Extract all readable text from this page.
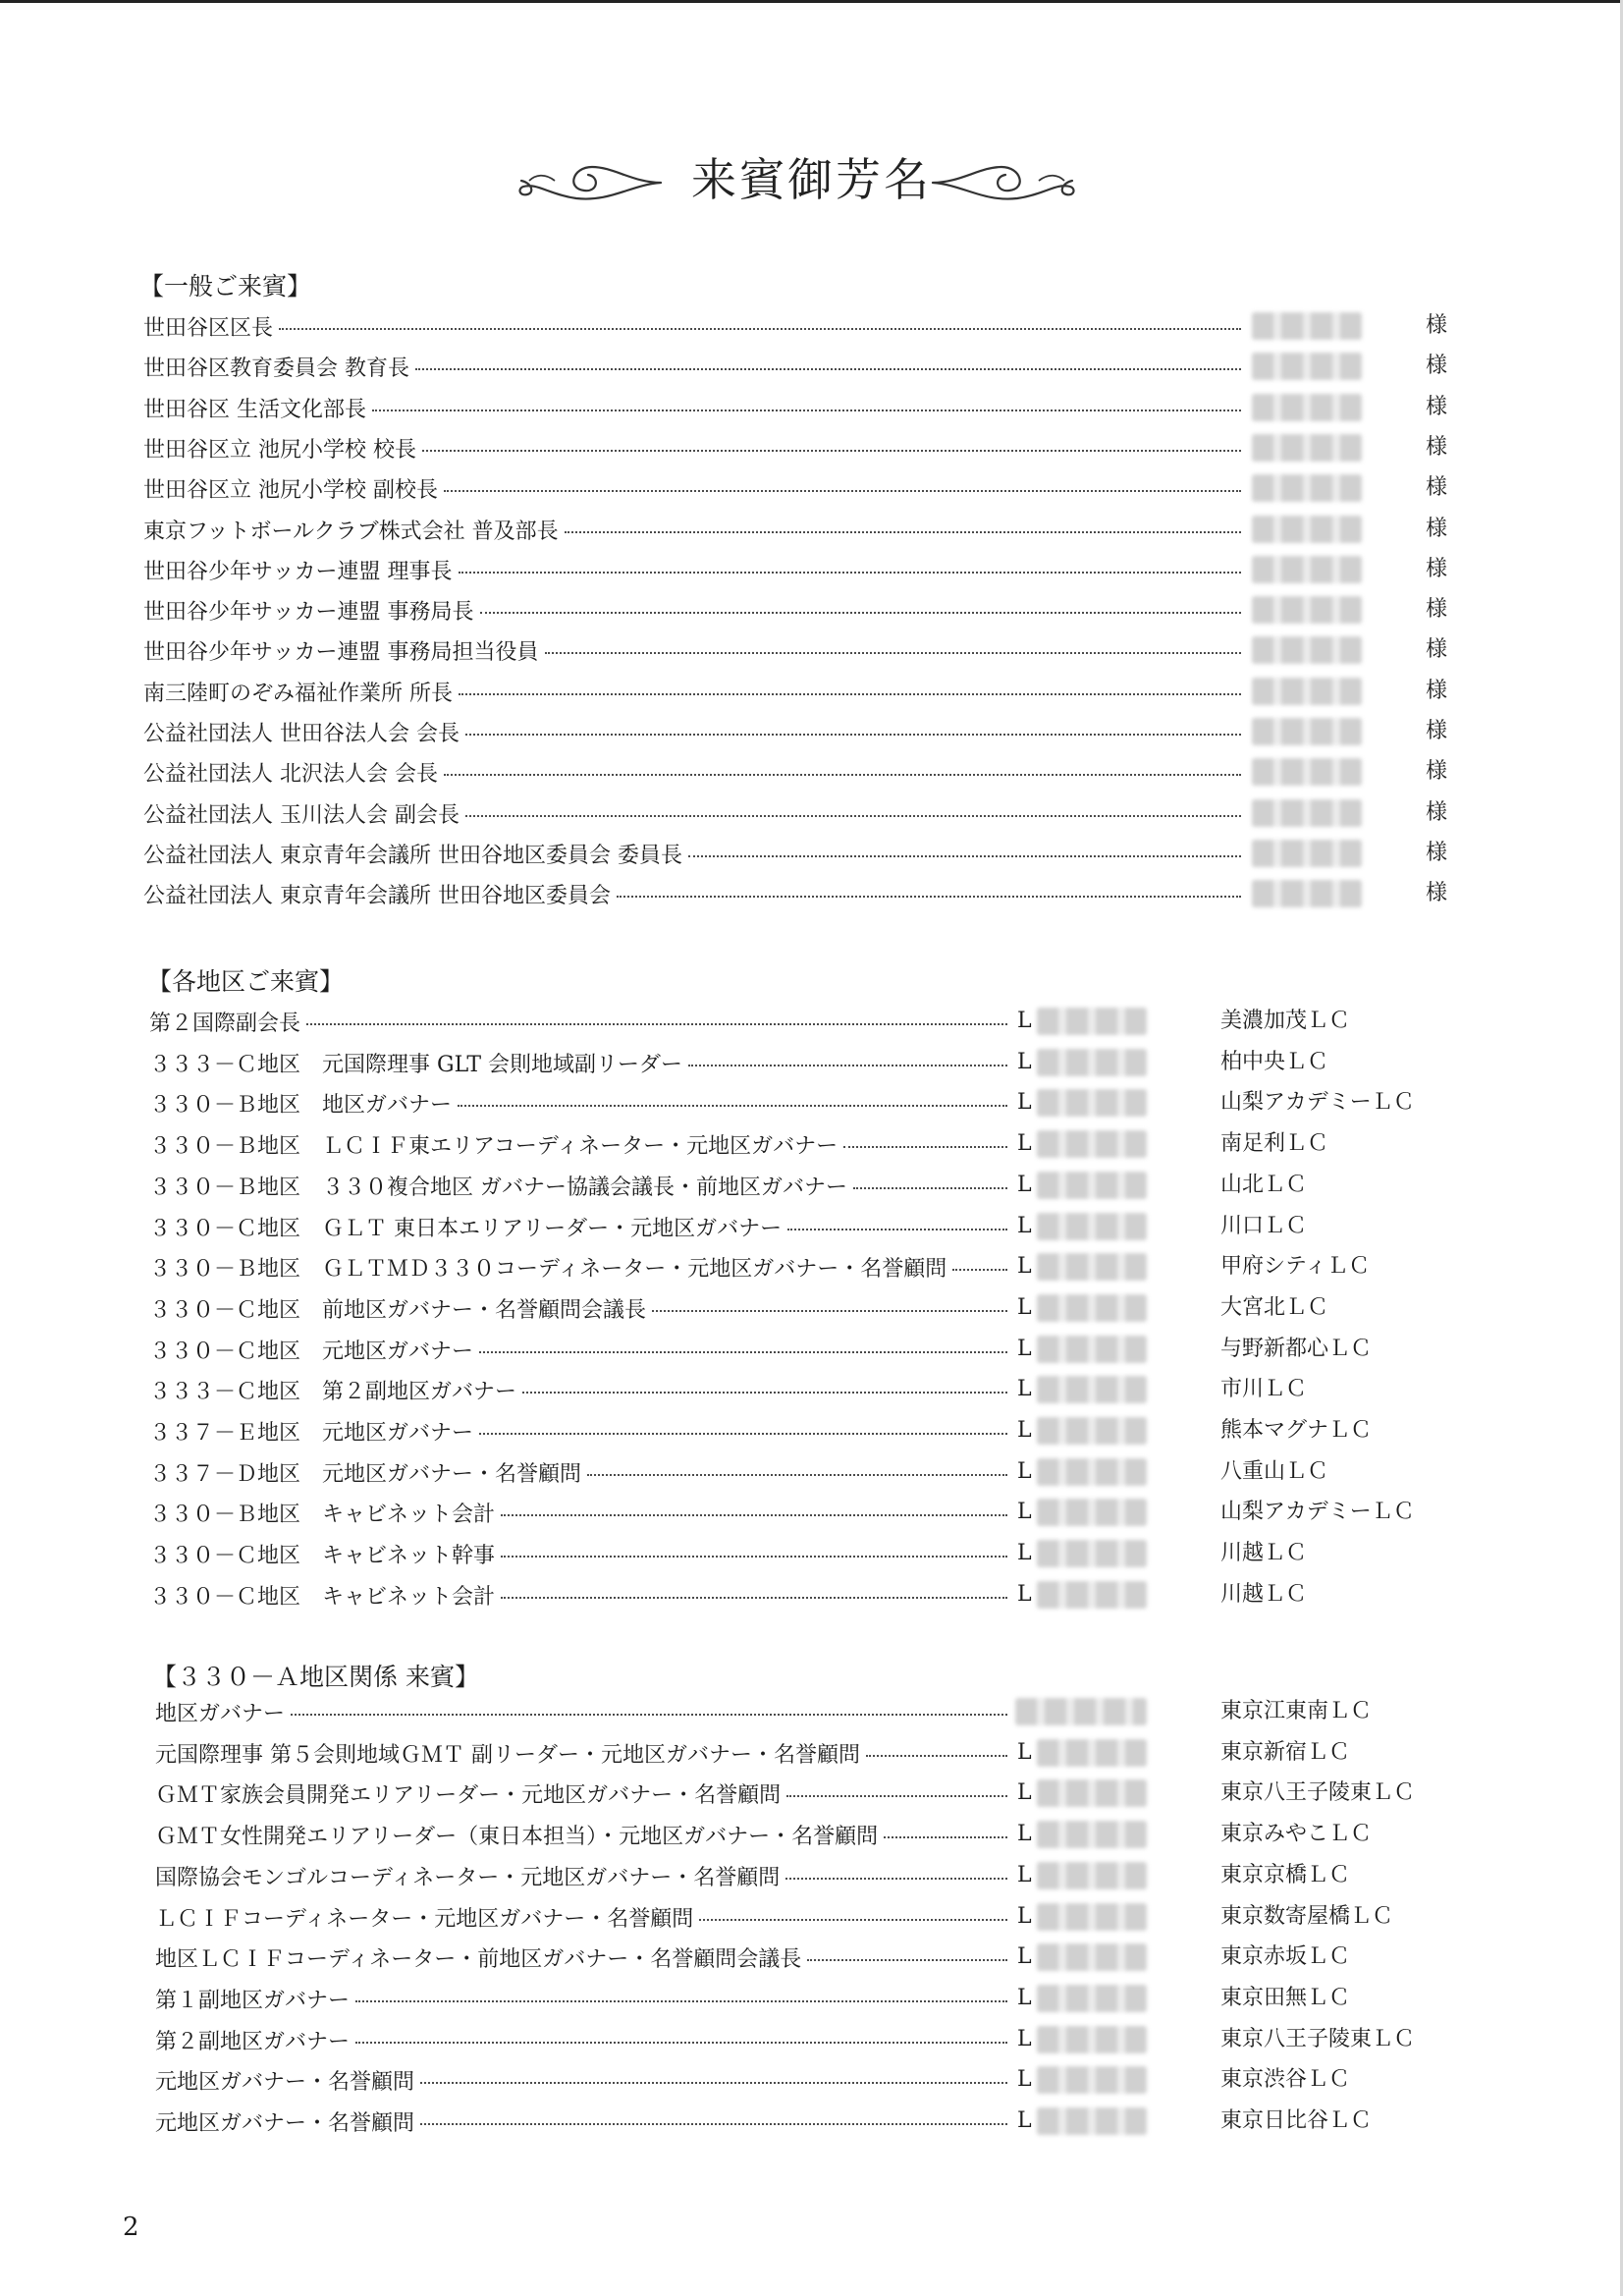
来賓御芳名
【一般ご来賓】
世田谷区区長	様
世田谷区教育委員会 教育長	様
世田谷区 生活文化部長	様
世田谷区立 池尻小学校 校長	様
世田谷区立 池尻小学校 副校長	様
東京フットボールクラブ株式会社 普及部長	様
世田谷少年サッカー連盟 理事長	様
世田谷少年サッカー連盟 事務局長	様
世田谷少年サッカー連盟 事務局担当役員	様
南三陸町のぞみ福祉作業所 所長	様
公益社団法人 世田谷法人会 会長	様
公益社団法人 北沢法人会 会長	様
公益社団法人 玉川法人会 副会長	様
公益社団法人 東京青年会議所 世田谷地区委員会 委員長	様
公益社団法人 東京青年会議所 世田谷地区委員会	様
【各地区ご来賓】
第２国際副会長	L	美濃加茂ＬＣ
３３３－Ｃ地区　元国際理事 GLT 会則地域副リーダー	L	柏中央ＬＣ
３３０－Ｂ地区　地区ガバナー	L	山梨アカデミーＬＣ
３３０－Ｂ地区　ＬＣＩＦ東エリアコーディネーター・元地区ガバナー	L	南足利ＬＣ
３３０－Ｂ地区　３３０複合地区 ガバナー協議会議長・前地区ガバナー	L	山北ＬＣ
３３０－Ｃ地区　ＧＬＴ 東日本エリアリーダー・元地区ガバナー	L	川口ＬＣ
３３０－Ｂ地区　ＧＬＴＭＤ３３０コーディネーター・元地区ガバナー・名誉顧問	L	甲府シティＬＣ
３３０－Ｃ地区　前地区ガバナー・名誉顧問会議長	L	大宮北ＬＣ
３３０－Ｃ地区　元地区ガバナー	L	与野新都心ＬＣ
３３３－Ｃ地区　第２副地区ガバナー	L	市川ＬＣ
３３７－Ｅ地区　元地区ガバナー	L	熊本マグナＬＣ
３３７－Ｄ地区　元地区ガバナー・名誉顧問	L	八重山ＬＣ
３３０－Ｂ地区　キャビネット会計	L	山梨アカデミーＬＣ
３３０－Ｃ地区　キャビネット幹事	L	川越ＬＣ
３３０－Ｃ地区　キャビネット会計	L	川越ＬＣ
【３３０－Ａ地区関係 来賓】
地区ガバナー	東京江東南ＬＣ
元国際理事 第５会則地域ＧＭＴ 副リーダー・元地区ガバナー・名誉顧問	L	東京新宿ＬＣ
ＧＭＴ家族会員開発エリアリーダー・元地区ガバナー・名誉顧問	L	東京八王子陵東ＬＣ
ＧＭＴ女性開発エリアリーダー（東日本担当）・元地区ガバナー・名誉顧問	L	東京みやこＬＣ
国際協会モンゴルコーディネーター・元地区ガバナー・名誉顧問	L	東京京橋ＬＣ
ＬＣＩＦコーディネーター・元地区ガバナー・名誉顧問	L	東京数寄屋橋ＬＣ
地区ＬＣＩＦコーディネーター・前地区ガバナー・名誉顧問会議長	L	東京赤坂ＬＣ
第１副地区ガバナー	L	東京田無ＬＣ
第２副地区ガバナー	L	東京八王子陵東ＬＣ
元地区ガバナー・名誉顧問	L	東京渋谷ＬＣ
元地区ガバナー・名誉顧問	L	東京日比谷ＬＣ
2
